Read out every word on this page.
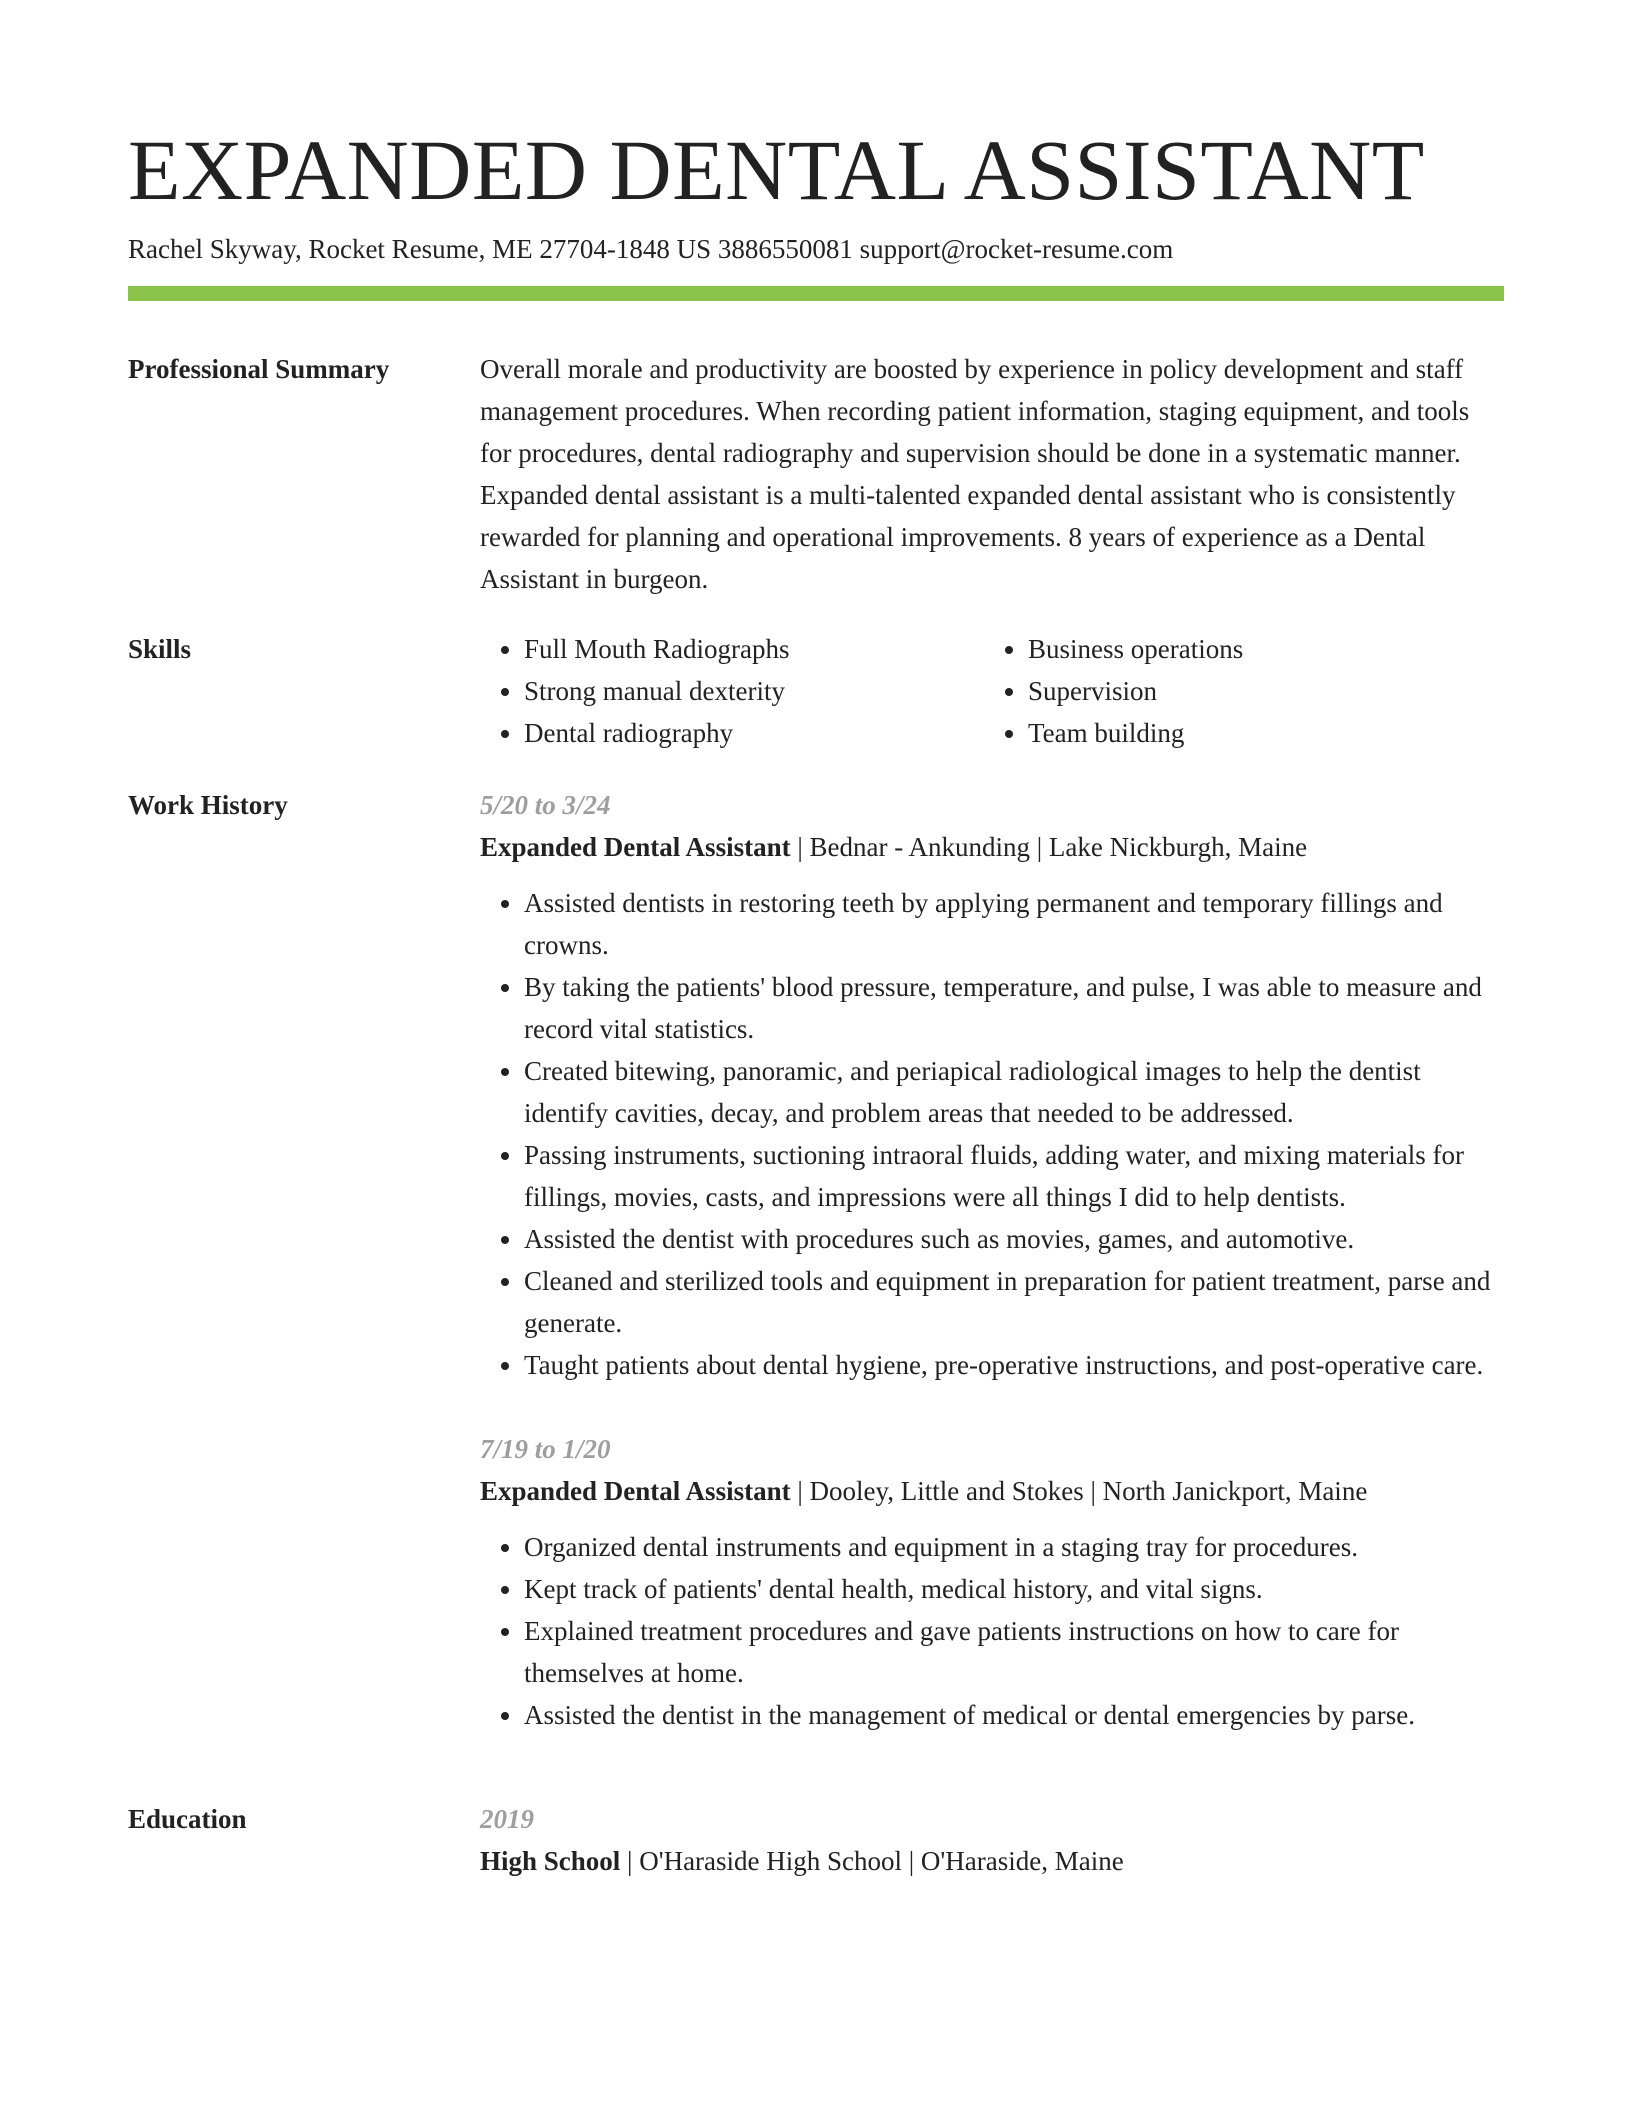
EXPANDED DENTAL ASSISTANT
Rachel Skyway, Rocket Resume, ME 27704-1848 US 3886550081 support@rocket-resume.com
Professional Summary	Overall morale and productivity are boosted by experience in policy development and staff management procedures. When recording patient information, staging equipment, and tools for procedures, dental radiography and supervision should be done in a systematic manner. Expanded dental assistant is a multi-talented expanded dental assistant who is consistently rewarded for planning and operational improvements. 8 years of experience as a Dental Assistant in burgeon.

Skills
•	Full Mouth Radiographs
• Strong manual dexterity
• Dental radiography
• Business operations
• Supervision
• Team building
Work History	5/20 to 3/24
Expanded Dental Assistant | Bednar - Ankunding | Lake Nickburgh, Maine
• Assisted dentists in restoring teeth by applying permanent and temporary fillings and crowns.
• By taking the patients' blood pressure, temperature, and pulse, I was able to measure and record vital statistics.
• Created bitewing, panoramic, and periapical radiological images to help the dentist identify cavities, decay, and problem areas that needed to be addressed.
• Passing instruments, suctioning intraoral fluids, adding water, and mixing materials for fillings, movies, casts, and impressions were all things I did to help dentists.
• Assisted the dentist with procedures such as movies, games, and automotive.
• Cleaned and sterilized tools and equipment in preparation for patient treatment, parse and generate.
• Taught patients about dental hygiene, pre-operative instructions, and post-operative care.
7/19 to 1/20
Expanded Dental Assistant | Dooley, Little and Stokes | North Janickport, Maine
• Organized dental instruments and equipment in a staging tray for procedures.
• Kept track of patients' dental health, medical history, and vital signs.
• Explained treatment procedures and gave patients instructions on how to care for themselves at home.
• Assisted the dentist in the management of medical or dental emergencies by parse.
Education	2019
High School | O'Haraside High School | O'Haraside, Maine
